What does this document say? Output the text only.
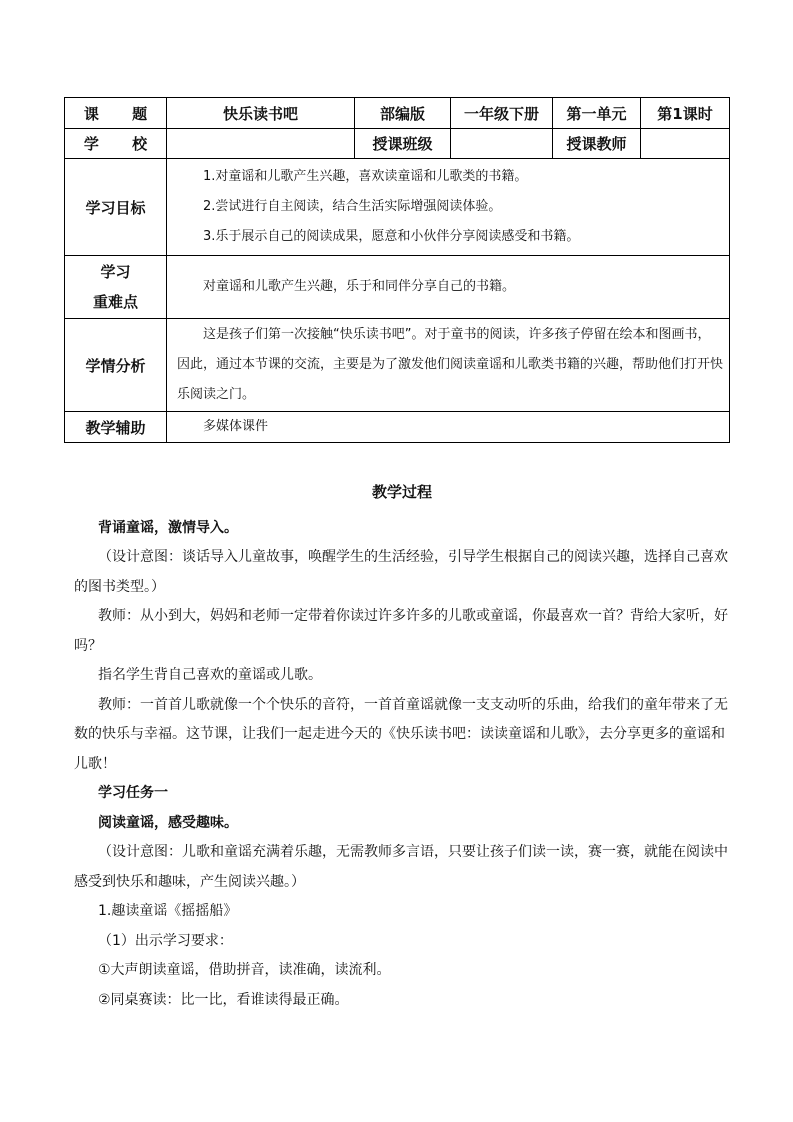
课 题	快乐读书吧	部编版	一年级下册	第一单元	第1课时
学 校		授课班级		授课教师	
学习目标	1.对童谣和儿歌产生兴趣，喜欢读童谣和儿歌类的书籍。

2.尝试进行自主阅读，结合生活实际增强阅读体验。

3.乐于展示自己的阅读成果，愿意和小伙伴分享阅读感受和书籍。				

学习
重难点	对童谣和儿歌产生兴趣，乐于和同伴分享自己的书籍。				
学情分析	这是孩子们第一次接触“快乐读书吧”。对于童书的阅读，许多孩子停留在绘本和图画书，因此，通过本节课的交流，主要是为了激发他们阅读童谣和儿歌类书籍的兴趣，帮助他们打开快乐阅读之门。				
教学辅助	多媒体课件				

教学过程

背诵童谣，激情导入。

（设计意图：谈话导入儿童故事，唤醒学生的生活经验，引导学生根据自己的阅读兴趣，选择自己喜欢的图书类型。）

教师：从小到大，妈妈和老师一定带着你读过许多许多的儿歌或童谣，你最喜欢一首？背给大家听，好吗？

指名学生背自己喜欢的童谣或儿歌。

教师：一首首儿歌就像一个个快乐的音符，一首首童谣就像一支支动听的乐曲，给我们的童年带来了无数的快乐与幸福。这节课，让我们一起走进今天的《快乐读书吧：读读童谣和儿歌》，去分享更多的童谣和儿歌！

学习任务一

阅读童谣，感受趣味。

（设计意图：儿歌和童谣充满着乐趣，无需教师多言语，只要让孩子们读一读，赛一赛，就能在阅读中感受到快乐和趣味，产生阅读兴趣。）

1.趣读童谣《摇摇船》

（1）出示学习要求：

①大声朗读童谣，借助拼音，读准确，读流利。

②同桌赛读：比一比，看谁读得最正确。
